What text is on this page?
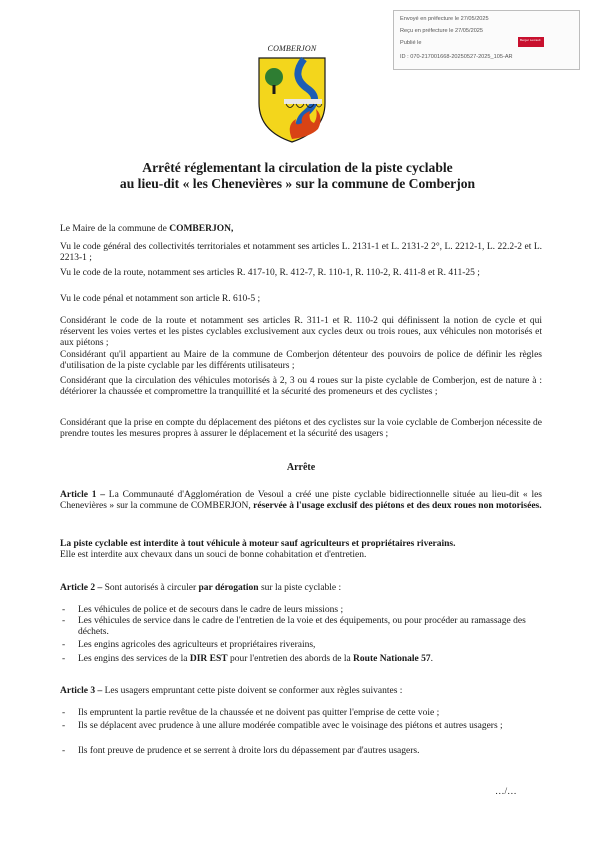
Envoyé en préfecture le 27/05/2025
Reçu en préfecture le 27/05/2025
Publié le
ID : 070-217001668-20250527-2025_105-AR
Berger Levrault
COMBERJON
Arrêté réglementant la circulation de la piste cyclable
au lieu-dit « les Chenevières » sur la commune de Comberjon

Le Maire de la commune de COMBERJON,

Vu le code général des collectivités territoriales et notamment ses articles L. 2131-1 et L. 2131-2 2°, L. 2212-1, L. 22.2-2 et L. 2213-1 ;

Vu le code de la route, notamment ses articles R. 417-10, R. 412-7, R. 110-1, R. 110-2, R. 411-8 et R. 411-25 ;

Vu le code pénal et notamment son article R. 610-5 ;

Considérant le code de la route et notamment ses articles R. 311-1 et R. 110-2 qui définissent la notion de cycle et qui réservent les voies vertes et les pistes cyclables exclusivement aux cycles deux ou trois roues, aux véhicules non motorisés et aux piétons ;

Considérant qu'il appartient au Maire de la commune de Comberjon détenteur des pouvoirs de police de définir les règles d'utilisation de la piste cyclable par les différents utilisateurs ;

Considérant que la circulation des véhicules motorisés à 2, 3 ou 4 roues sur la piste cyclable de Comberjon, est de nature à : détériorer la chaussée et compromettre la tranquillité et la sécurité des promeneurs et des cyclistes ;

Considérant que la prise en compte du déplacement des piétons et des cyclistes sur la voie cyclable de Comberjon nécessite de prendre toutes les mesures propres à assurer le déplacement et la sécurité des usagers ;

Arrête

Article 1 – La Communauté d'Agglomération de Vesoul a créé une piste cyclable bidirectionnelle située au lieu-dit « les Chenevières » sur la commune de COMBERJON, réservée à l'usage exclusif des piétons et des deux roues non motorisées.

La piste cyclable est interdite à tout véhicule à moteur sauf agriculteurs et propriétaires riverains.
Elle est interdite aux chevaux dans un souci de bonne cohabitation et d'entretien.

Article 2 – Sont autorisés à circuler par dérogation sur la piste cyclable :

- Les véhicules de police et de secours dans le cadre de leurs missions ;
- Les véhicules de service dans le cadre de l'entretien de la voie et des équipements, ou pour procéder au ramassage des déchets.
- Les engins agricoles des agriculteurs et propriétaires riverains,
- Les engins des services de la DIR EST pour l'entretien des abords de la Route Nationale 57.

Article 3 – Les usagers empruntant cette piste doivent se conformer aux règles suivantes :

- Ils empruntent la partie revêtue de la chaussée et ne doivent pas quitter l'emprise de cette voie ;
- Ils se déplacent avec prudence à une allure modérée compatible avec le voisinage des piétons et autres usagers ;
- Ils font preuve de prudence et se serrent à droite lors du dépassement par d'autres usagers.
…/…
